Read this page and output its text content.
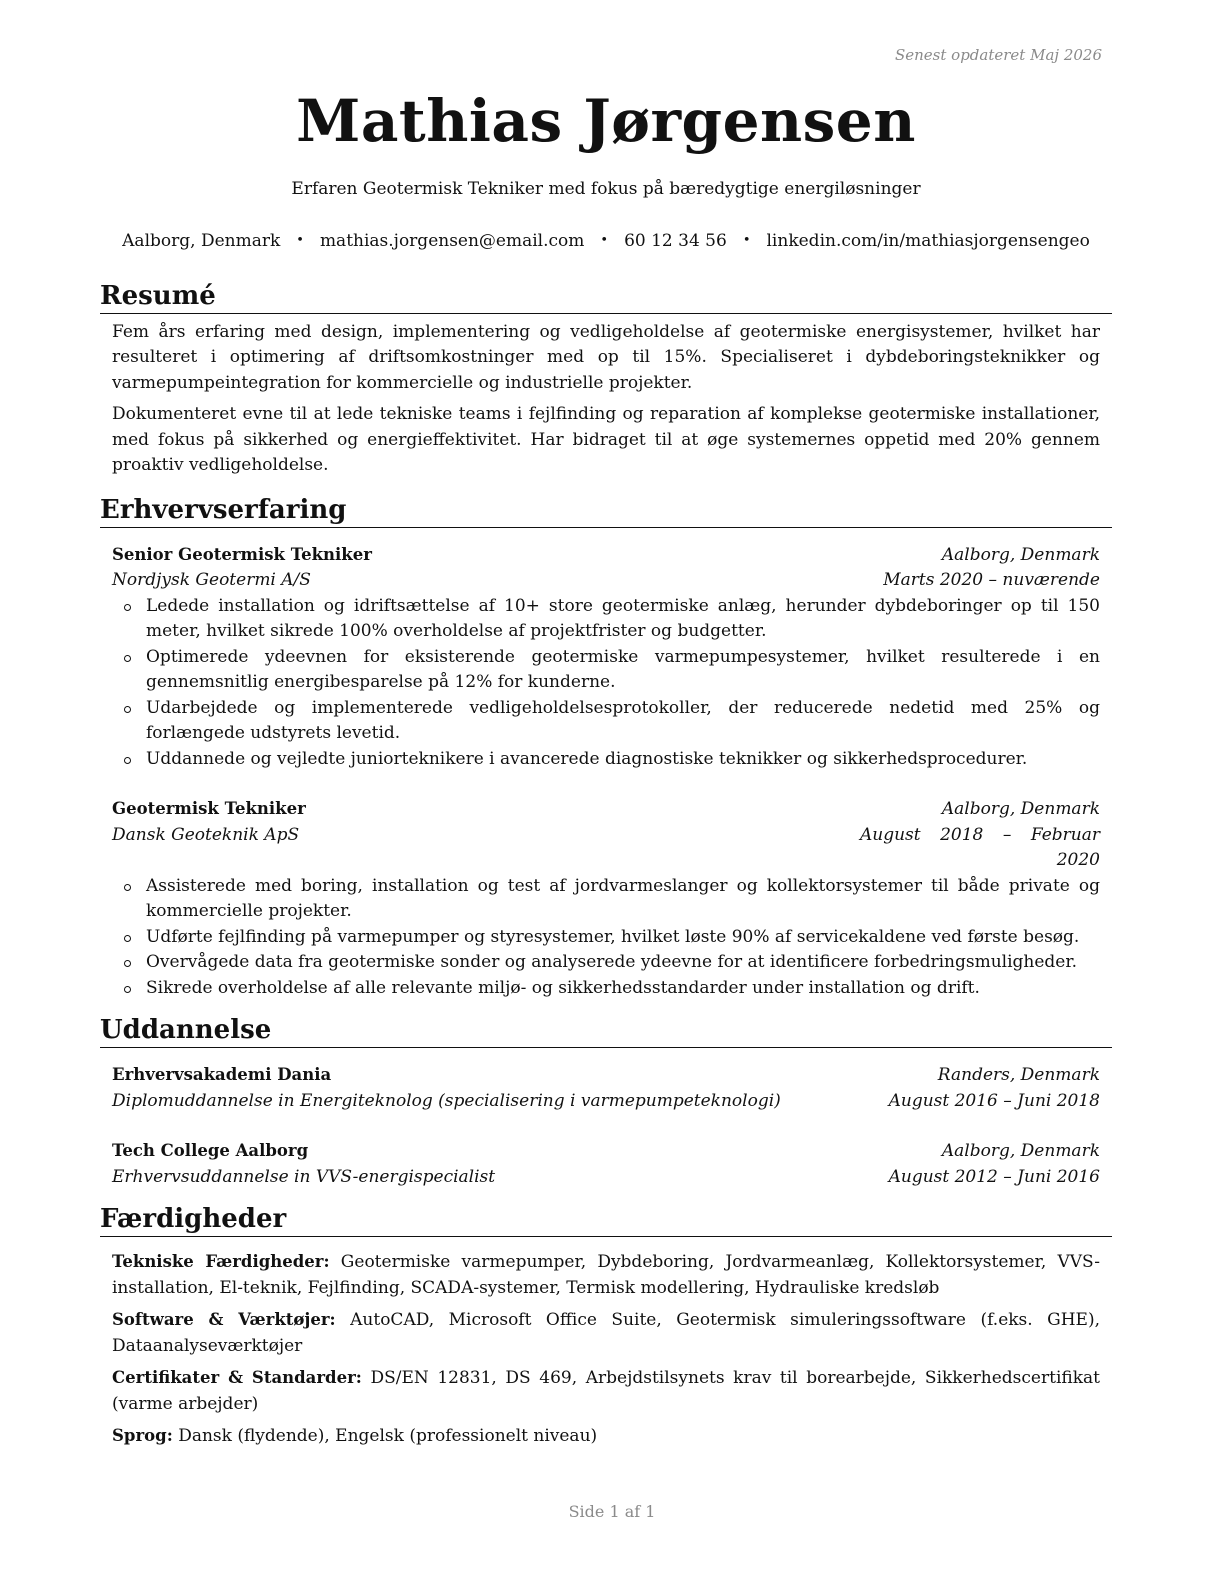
Senest opdateret Maj 2026
Mathias Jørgensen
Erfaren Geotermisk Tekniker med fokus på bæredygtige energiløsninger
Aalborg, Denmark • mathias.jorgensen@email.com • 60 12 34 56 • linkedin.com/in/mathiasjorgensengeo
Resumé

Fem års erfaring med design, implementering og vedligeholdelse af geotermiske energisystemer, hvilket har resulteret i optimering af driftsomkostninger med op til 15%. Specialiseret i dybdeboringsteknikker og varmepumpeintegration for kommercielle og industrielle projekter.

Dokumenteret evne til at lede tekniske teams i fejlfinding og reparation af komplekse geotermiske installationer, med fokus på sikkerhed og energieffektivitet. Har bidraget til at øge systemernes oppetid med 20% gennem proaktiv vedligeholdelse.

Erhvervserfaring
Senior Geotermisk Tekniker	Aalborg, Denmark
Nordjysk Geotermi A/S	Marts 2020 – nuværende
Ledede installation og idriftsættelse af 10+ store geotermiske anlæg, herunder dybdeboringer op til 150 meter, hvilket sikrede 100% overholdelse af projektfrister og budgetter.
Optimerede ydeevnen for eksisterende geotermiske varmepumpesystemer, hvilket resulterede i en gennemsnitlig energibesparelse på 12% for kunderne.
Udarbejdede og implementerede vedligeholdelsesprotokoller, der reducerede nedetid med 25% og forlængede udstyrets levetid.
Uddannede og vejledte juniorteknikere i avancerede diagnostiske teknikker og sikkerhedsprocedurer.
Geotermisk Tekniker	Aalborg, Denmark
Dansk Geoteknik ApS	August 2018 – Februar 2020
Assisterede med boring, installation og test af jordvarmeslanger og kollektorsystemer til både private og kommercielle projekter.
Udførte fejlfinding på varmepumper og styresystemer, hvilket løste 90% af servicekaldene ved første besøg.
Overvågede data fra geotermiske sonder og analyserede ydeevne for at identificere forbedringsmuligheder.
Sikrede overholdelse af alle relevante miljø- og sikkerhedsstandarder under installation og drift.
Uddannelse
Erhvervsakademi Dania	Randers, Denmark
Diplomuddannelse in Energiteknolog (specialisering i varmepumpeteknologi)	August 2016 – Juni 2018
Tech College Aalborg	Aalborg, Denmark
Erhvervsuddannelse in VVS-energispecialist	August 2012 – Juni 2016
Færdigheder
Tekniske Færdigheder: Geotermiske varmepumper, Dybdeboring, Jordvarmeanlæg, Kollektorsystemer, VVS-installation, El-teknik, Fejlfinding, SCADA-systemer, Termisk modellering, Hydrauliske kredsløb
Software & Værktøjer: AutoCAD, Microsoft Office Suite, Geotermisk simuleringssoftware (f.eks. GHE), Dataanalyseværktøjer
Certifikater & Standarder: DS/EN 12831, DS 469, Arbejdstilsynets krav til borearbejde, Sikkerhedscertifikat (varme arbejder)
Sprog: Dansk (flydende), Engelsk (professionelt niveau)
Side 1 af 1
